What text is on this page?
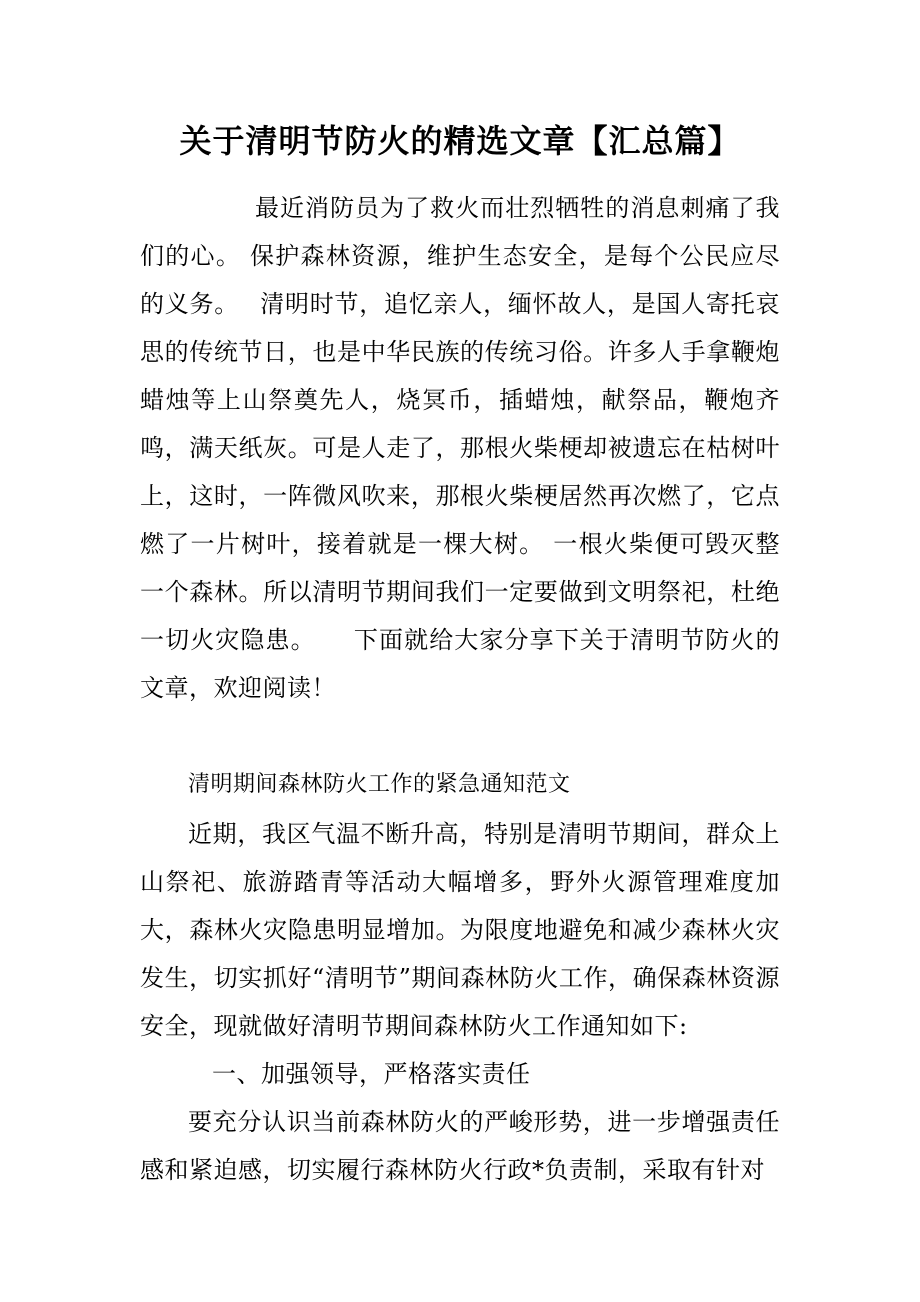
关于清明节防火的精选文章【汇总篇】

最近消防员为了救火而壮烈牺牲的消息刺痛了我们的心。 保护森林资源，维护生态安全，是每个公民应尽的义务。　 清明时节，追忆亲人，缅怀故人，是国人寄托哀思的传统节日，也是中华民族的传统习俗。许多人手拿鞭炮蜡烛等上山祭奠先人，烧冥币，插蜡烛，献祭品，鞭炮齐鸣，满天纸灰。可是人走了，那根火柴梗却被遗忘在枯树叶上，这时，一阵微风吹来，那根火柴梗居然再次燃了，它点燃了一片树叶，接着就是一棵大树。 一根火柴便可毁灭整一个森林。所以清明节期间我们一定要做到文明祭祀，杜绝一切火灾隐患。　　下面就给大家分享下关于清明节防火的文章，欢迎阅读！

清明期间森林防火工作的紧急通知范文

近期，我区气温不断升高，特别是清明节期间，群众上山祭祀、旅游踏青等活动大幅增多，野外火源管理难度加大，森林火灾隐患明显增加。为限度地避免和减少森林火灾发生，切实抓好“清明节”期间森林防火工作，确保森林资源安全，现就做好清明节期间森林防火工作通知如下:

一、加强领导，严格落实责任

要充分认识当前森林防火的严峻形势，进一步增强责任感和紧迫感，切实履行森林防火行政*负责制，采取有针对
